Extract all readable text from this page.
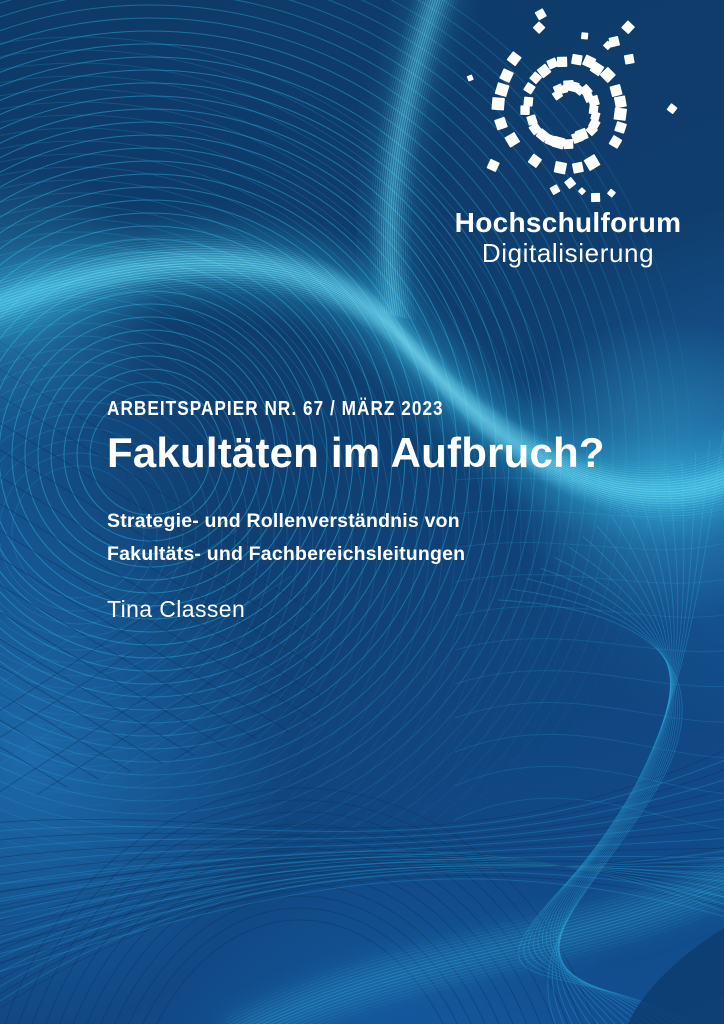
Hochschulforum
Digitalisierung
ARBEITSPAPIER NR. 67 / MÄRZ 2023
Fakultäten im Aufbruch?
Strategie- und Rollenverständnis von
Fakultäts- und Fachbereichsleitungen
Tina Classen
